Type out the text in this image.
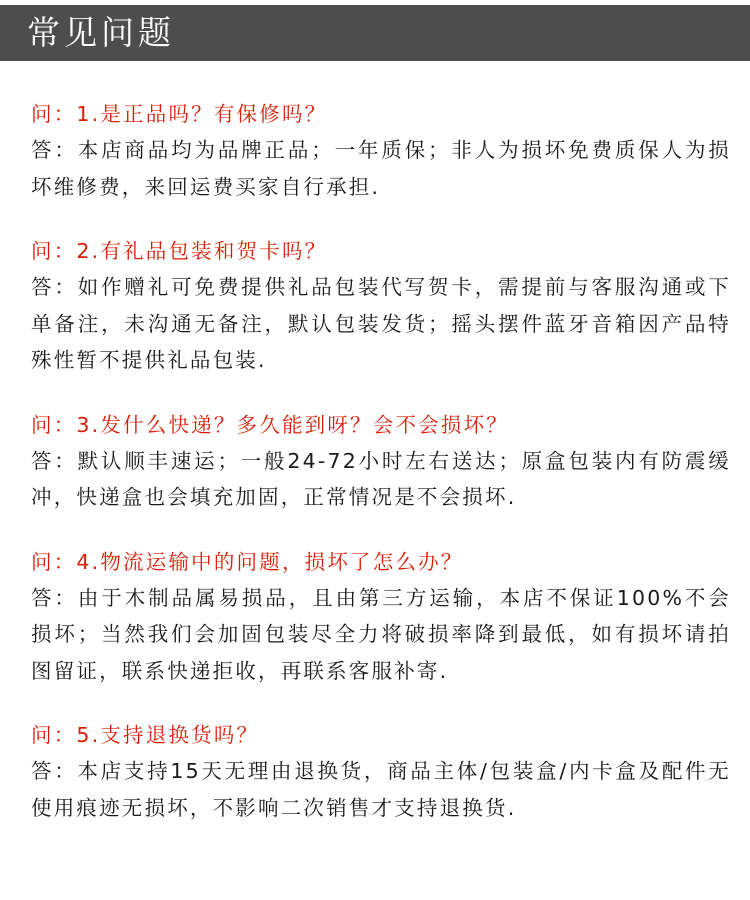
常见问题
问：1.是正品吗？有保修吗？
答：本店商品均为品牌正品；一年质保；非人为损坏免费质保人为损坏维修费，来回运费买家自行承担.
问：2.有礼品包装和贺卡吗？
答：如作赠礼可免费提供礼品包装代写贺卡，需提前与客服沟通或下单备注，未沟通无备注，默认包装发货；摇头摆件蓝牙音箱因产品特殊性暂不提供礼品包装.
问：3.发什么快递？多久能到呀？会不会损坏？
答：默认顺丰速运；一般24-72小时左右送达；原盒包装内有防震缓冲，快递盒也会填充加固，正常情况是不会损坏.
问：4.物流运输中的问题，损坏了怎么办？
答：由于木制品属易损品，且由第三方运输，本店不保证100%不会损坏；当然我们会加固包装尽全力将破损率降到最低，如有损坏请拍图留证，联系快递拒收，再联系客服补寄.
问：5.支持退换货吗？
答：本店支持15天无理由退换货，商品主体/包装盒/内卡盒及配件无使用痕迹无损坏，不影响二次销售才支持退换货.
